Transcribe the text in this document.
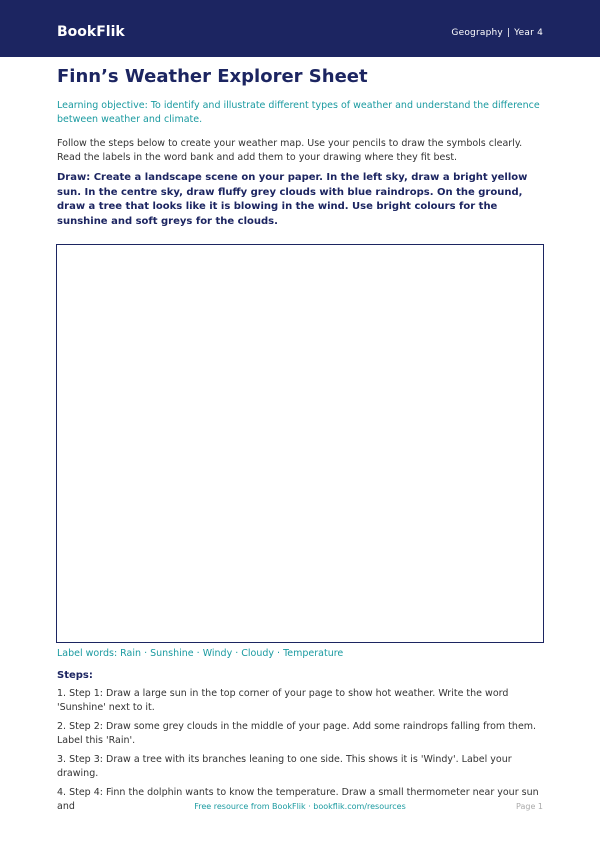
BookFlik	Geography | Year 4
Finn’s Weather Explorer Sheet
Learning objective: To identify and illustrate different types of weather and understand the difference between weather and climate.
Follow the steps below to create your weather map. Use your pencils to draw the symbols clearly. Read the labels in the word bank and add them to your drawing where they fit best.
Draw: Create a landscape scene on your paper. In the left sky, draw a bright yellow sun. In the centre sky, draw fluffy grey clouds with blue raindrops. On the ground, draw a tree that looks like it is blowing in the wind. Use bright colours for the sunshine and soft greys for the clouds.
Label words: Rain · Sunshine · Windy · Cloudy · Temperature
Steps:
1. Step 1: Draw a large sun in the top corner of your page to show hot weather. Write the word 'Sunshine' next to it.
2. Step 2: Draw some grey clouds in the middle of your page. Add some raindrops falling from them. Label this 'Rain'.
3. Step 3: Draw a tree with its branches leaning to one side. This shows it is 'Windy'. Label your drawing.
4. Step 4: Finn the dolphin wants to know the temperature. Draw a small thermometer near your sun and	Free resource from BookFlik · bookflik.com/resources	Page 1
